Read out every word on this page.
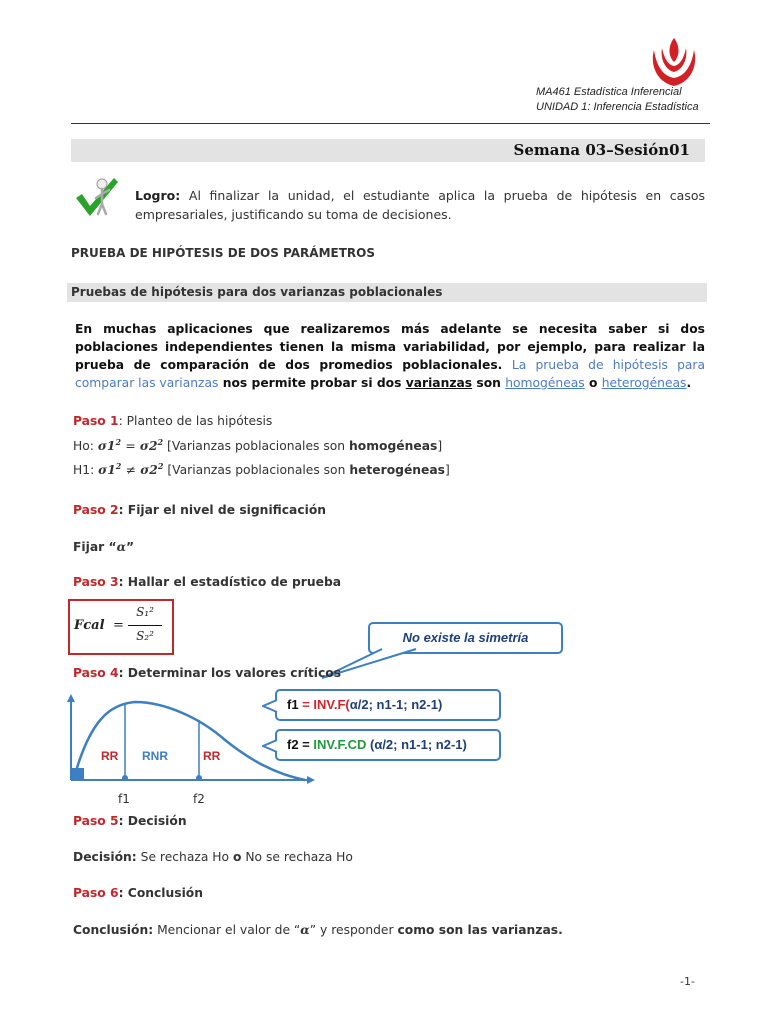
MA461 Estadística Inferencial
UNIDAD 1: Inferencia Estadística
Semana 03–Sesión01
Logro: Al finalizar la unidad, el estudiante aplica la prueba de hipótesis en casos empresariales, justificando su toma de decisiones.
PRUEBA DE HIPÓTESIS DE DOS PARÁMETROS
Pruebas de hipótesis para dos varianzas poblacionales
En muchas aplicaciones que realizaremos más adelante se necesita saber si dos poblaciones independientes tienen la misma variabilidad, por ejemplo, para realizar la prueba de comparación de dos promedios poblacionales. La prueba de hipótesis para comparar las varianzas nos permite probar si dos varianzas son homogéneas o heterogéneas.
Paso 1: Planteo de las hipótesis
Ho: $\sigma 1^2 = \sigma 2^2$ [Varianzas poblacionales son homogéneas]
H1: $\sigma 1^2 \ne \sigma 2^2$ [Varianzas poblacionales son heterogéneas]
Paso 2: Fijar el nivel de significación
Fijar “α”
Paso 3: Hallar el estadístico de prueba
Fcal =
S₁²
S₂²	No existe la simetría
Paso 4: Determinar los valores críticos
RR RNR	RR
f1	f2
f1 = INV.F(α/2; n1-1; n2-1)
f2 = INV.F.CD (α/2; n1-1; n2-1)
Paso 5: Decisión
Decisión: Se rechaza Ho o No se rechaza Ho
Paso 6: Conclusión
Conclusión: Mencionar el valor de “α” y responder como son las varianzas.
-1-
